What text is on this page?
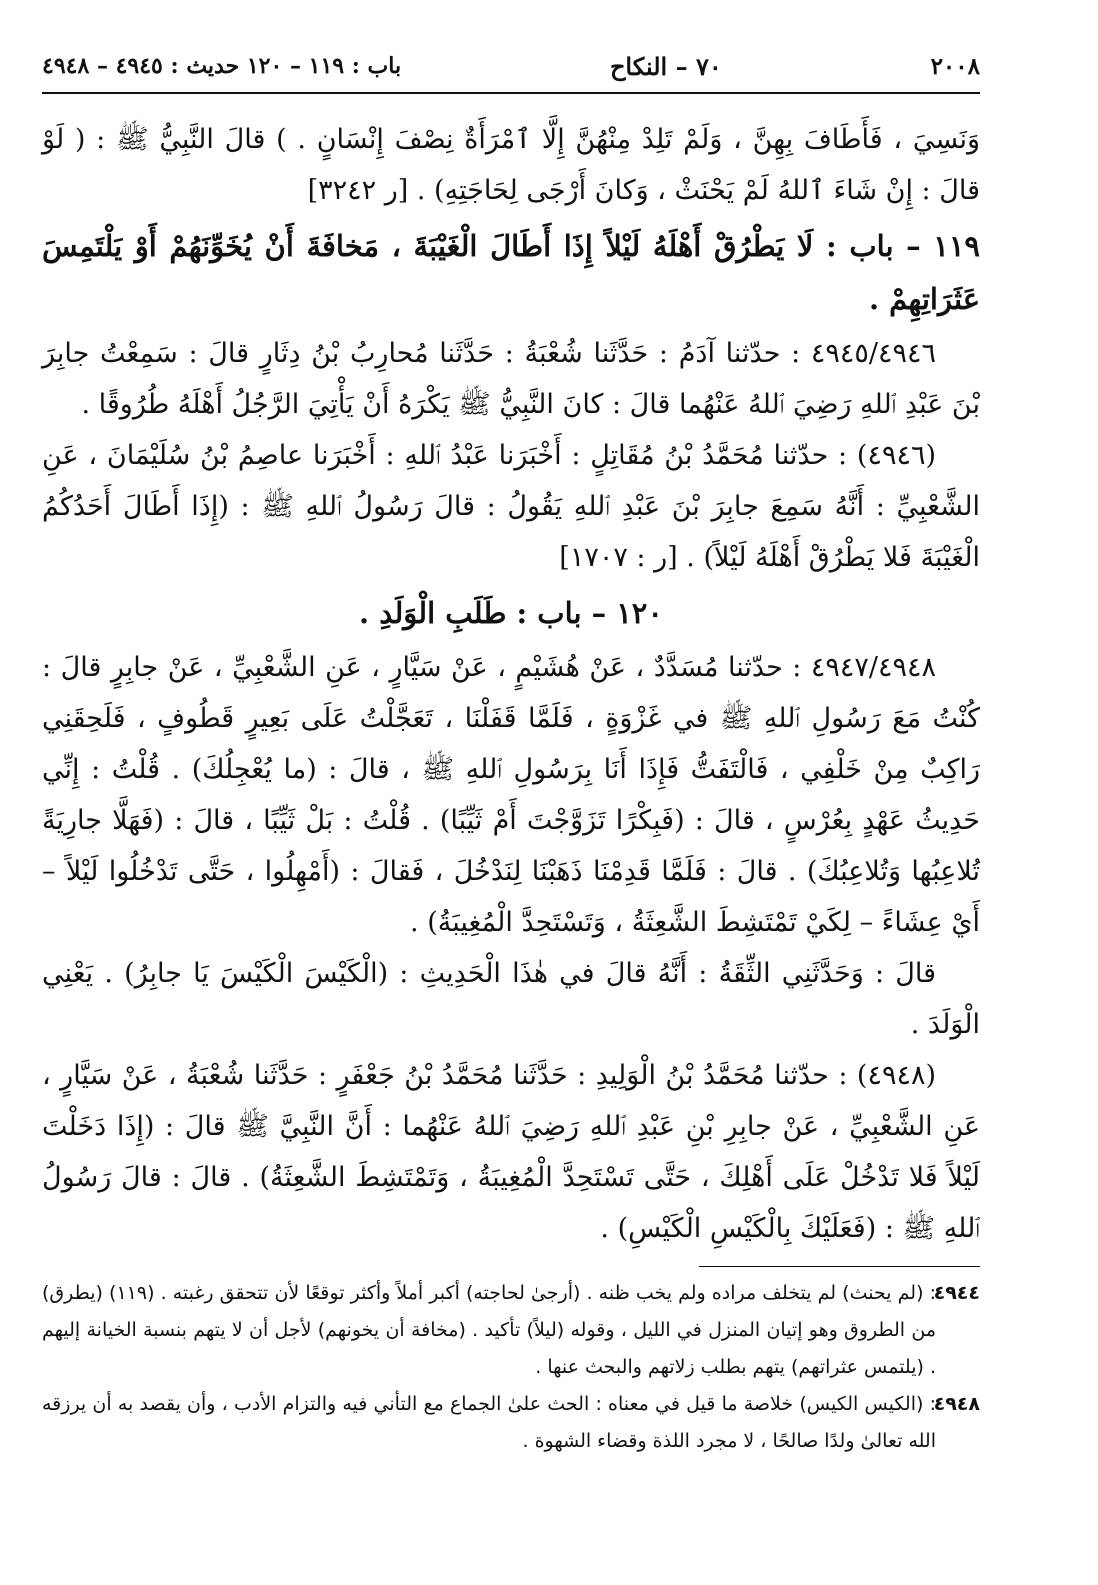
٢٠٠٨
٧٠ – النكاح
باب : ١١٩ – ١٢٠ حديث : ٤٩٤٥ – ٤٩٤٨

وَنَسِيَ ، فَأَطَافَ بِهِنَّ ، وَلَمْ تَلِدْ مِنْهُنَّ إِلَّا ٱمْرَأَةٌ نِصْفَ إِنْسَانٍ . ) قالَ النَّبِيُّ ﷺ : ( لَوْ قالَ : إِنْ شَاءَ ٱللهُ لَمْ يَحْنَثْ ، وَكانَ أَرْجَى لِحَاجَتِهِ) . [ر ٣٢٤٢]

١١٩ – باب : لَا يَطْرُقْ أَهْلَهُ لَيْلاً إِذَا أَطَالَ الْغَيْبَةَ ، مَخافَةَ أَنْ يُخَوِّنَهُمْ أَوْ يَلْتَمِسَ عَثَرَاتِهِمْ .

٤٩٤٥/٤٩٤٦ : حدّثنا آدَمُ : حَدَّثَنا شُعْبَةُ : حَدَّثَنا مُحارِبُ بْنُ دِثَارٍ قالَ : سَمِعْتُ جابِرَ بْنَ عَبْدِ ٱللهِ رَضِيَ ٱللهُ عَنْهُما قالَ : كانَ النَّبِيُّ ﷺ يَكْرَهُ أَنْ يَأْتِيَ الرَّجُلُ أَهْلَهُ طُرُوقًا .

(٤٩٤٦) : حدّثنا مُحَمَّدُ بْنُ مُقَاتِلٍ : أَخْبَرَنا عَبْدُ ٱللهِ : أَخْبَرَنا عاصِمُ بْنُ سُلَيْمَانَ ، عَنِ الشَّعْبِيِّ : أَنَّهُ سَمِعَ جابِرَ بْنَ عَبْدِ ٱللهِ يَقُولُ : قالَ رَسُولُ ٱللهِ ﷺ : (إِذَا أَطَالَ أَحَدُكُمُ الْغَيْبَةَ فَلا يَطْرُقْ أَهْلَهُ لَيْلاً) . [ر : ١٧٠٧]

١٢٠ – باب : طَلَبِ الْوَلَدِ .

٤٩٤٧/٤٩٤٨ : حدّثنا مُسَدَّدٌ ، عَنْ هُشَيْمٍ ، عَنْ سَيَّارٍ ، عَنِ الشَّعْبِيِّ ، عَنْ جابِرٍ قالَ : كُنْتُ مَعَ رَسُولِ ٱللهِ ﷺ في غَزْوَةٍ ، فَلَمَّا قَفَلْنَا ، تَعَجَّلْتُ عَلَى بَعِيرٍ قَطُوفٍ ، فَلَحِقَنِي رَاكِبٌ مِنْ خَلْفِي ، فَالْتَفَتُّ فَإِذَا أَنَا بِرَسُولِ ٱللهِ ﷺ ، قالَ : (ما يُعْجِلُكَ) . قُلْتُ : إِنِّي حَدِيثُ عَهْدٍ بِعُرْسٍ ، قالَ : (فَبِكْرًا تَزَوَّجْتَ أَمْ ثَيِّبًا) . قُلْتُ : بَلْ ثَيِّبًا ، قالَ : (فَهَلَّا جارِيَةً تُلاعِبُها وَتُلاعِبُكَ) . قالَ : فَلَمَّا قَدِمْنَا ذَهَبْنَا لِنَدْخُلَ ، فَقالَ : (أَمْهِلُوا ، حَتَّى تَدْخُلُوا لَيْلاً – أَيْ عِشَاءً – لِكَيْ تَمْتَشِطَ الشَّعِثَةُ ، وَتَسْتَحِدَّ الْمُغِيبَةُ) .

قالَ : وَحَدَّثَنِي الثِّقَةُ : أَنَّهُ قالَ في هٰذَا الْحَدِيثِ : (الْكَيْسَ الْكَيْسَ يَا جابِرُ) . يَعْنِي الْوَلَدَ .

(٤٩٤٨) : حدّثنا مُحَمَّدُ بْنُ الْوَلِيدِ : حَدَّثَنا مُحَمَّدُ بْنُ جَعْفَرٍ : حَدَّثَنا شُعْبَةُ ، عَنْ سَيَّارٍ ، عَنِ الشَّعْبِيِّ ، عَنْ جابِرِ بْنِ عَبْدِ ٱللهِ رَضِيَ ٱللهُ عَنْهُما : أَنَّ النَّبِيَّ ﷺ قالَ : (إِذَا دَخَلْتَ لَيْلاً فَلا تَدْخُلْ عَلَى أَهْلِكَ ، حَتَّى تَسْتَحِدَّ الْمُغِيبَةُ ، وَتَمْتَشِطَ الشَّعِثَةُ) . قالَ : قالَ رَسُولُ ٱللهِ ﷺ : (فَعَلَيْكَ بِالْكَيْسِ الْكَيْسِ) .

٤٩٤٤
: (لم يحنث) لم يتخلف مراده ولم يخب ظنه . (أرجىٰ لحاجته) أكبر أملاً وأكثر توقعًا لأن تتحقق رغبته . (١١٩) (يطرق) من الطروق وهو إتيان المنزل في الليل ، وقوله (ليلاً) تأكيد . (مخافة أن يخونهم) لأجل أن لا يتهم بنسبة الخيانة إليهم . (يلتمس عثراتهم) يتهم بطلب زلاتهم والبحث عنها .

٤٩٤٨
: (الكيس الكيس) خلاصة ما قيل في معناه : الحث علىٰ الجماع مع التأني فيه والتزام الأدب ، وأن يقصد به أن يرزقه الله تعالىٰ ولدًا صالحًا ، لا مجرد اللذة وقضاء الشهوة .
